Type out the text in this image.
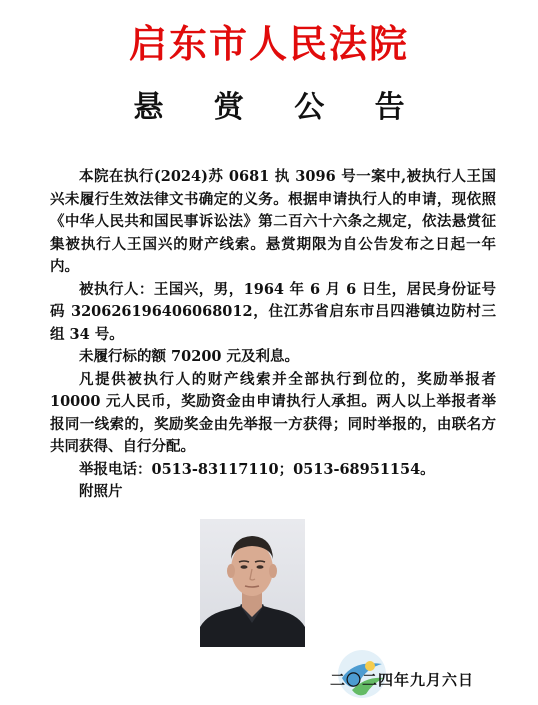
启东市人民法院
悬 赏 公 告

本院在执行(2024)苏 0681 执 3096 号一案中,被执行人王国兴未履行生效法律文书确定的义务。根据申请执行人的申请，现依照《中华人民共和国民事诉讼法》第二百六十六条之规定，依法悬赏征集被执行人王国兴的财产线索。悬赏期限为自公告发布之日起一年内。

被执行人：王国兴，男，1964 年 6 月 6 日生，居民身份证号码 320626196406068012，住江苏省启东市吕四港镇边防村三组 34 号。

未履行标的额 70200 元及利息。

凡提供被执行人的财产线索并全部执行到位的，奖励举报者 10000 元人民币，奖励资金由申请执行人承担。两人以上举报者举报同一线索的，奖励奖金由先举报一方获得；同时举报的，由联名方共同获得、自行分配。

举报电话：0513-83117110；0513-68951154。

附照片

二〇二四年九月六日
